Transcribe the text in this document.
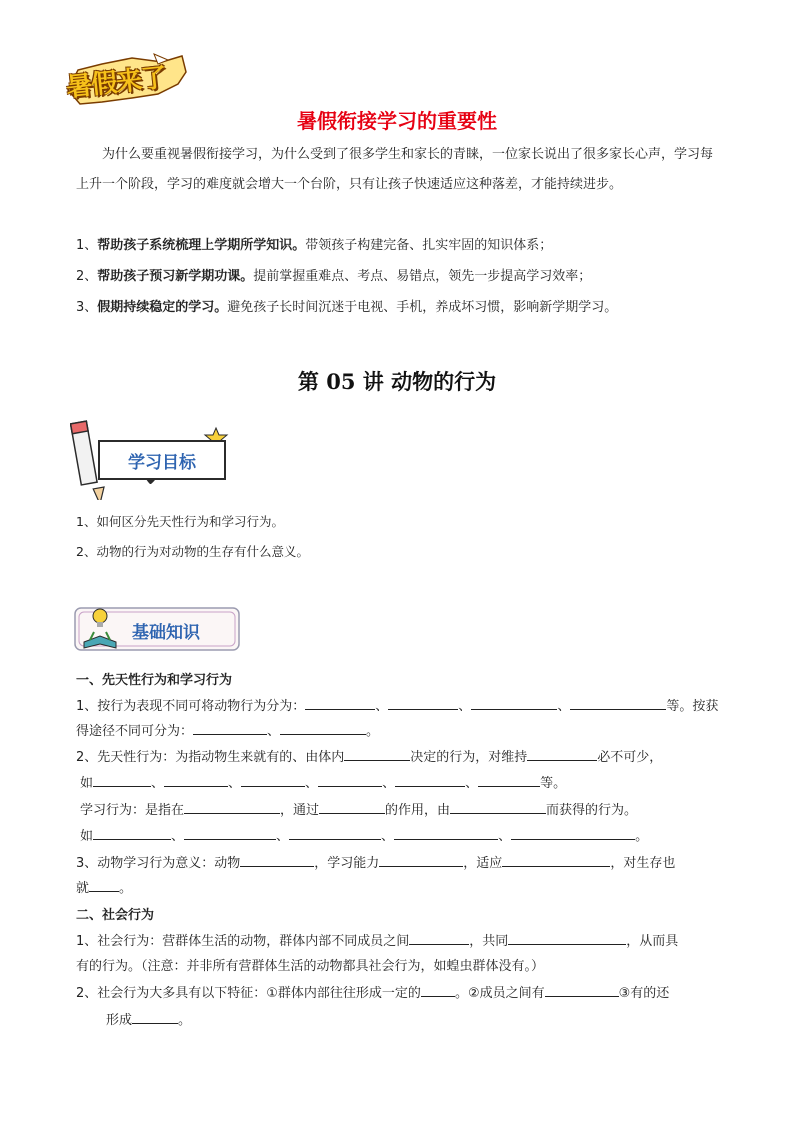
暑假来了
暑假衔接学习的重要性
为什么要重视暑假衔接学习，为什么受到了很多学生和家长的青睐，一位家长说出了很多家长心声，学习每上升一个阶段，学习的难度就会增大一个台阶，只有让孩子快速适应这种落差，才能持续进步。
1、帮助孩子系统梳理上学期所学知识。带领孩子构建完备、扎实牢固的知识体系；
2、帮助孩子预习新学期功课。提前掌握重难点、考点、易错点，领先一步提高学习效率；
3、假期持续稳定的学习。避免孩子长时间沉迷于电视、手机，养成坏习惯，影响新学期学习。
第 05 讲 动物的行为
学习目标
1、如何区分先天性行为和学习行为。
2、动物的行为对动物的生存有什么意义。
基础知识
一、先天性行为和学习行为
1、按行为表现不同可将动物行为分为：	、	、	、	等。按获
得途径不同可分为：	、	。
2、先天性行为：为指动物生来就有的、由体内	决定的行为，对维持	必不可少，
如	、	、	、	、	、	等。
学习行为：是指在	，通过	的作用，由	而获得的行为。
如	、	、	、	、	。
3、动物学习行为意义：动物	，学习能力	，适应	，对生存也
就 。
二、社会行为
1、社会行为：营群体生活的动物，群体内部不同成员之间	，共同	，从而具
有的行为。（注意：并非所有营群体生活的动物都具社会行为，如蝗虫群体没有。）
2、社会行为大多具有以下特征：①群体内部往往形成一定的	。②成员之间有	③有的还
形成	。
